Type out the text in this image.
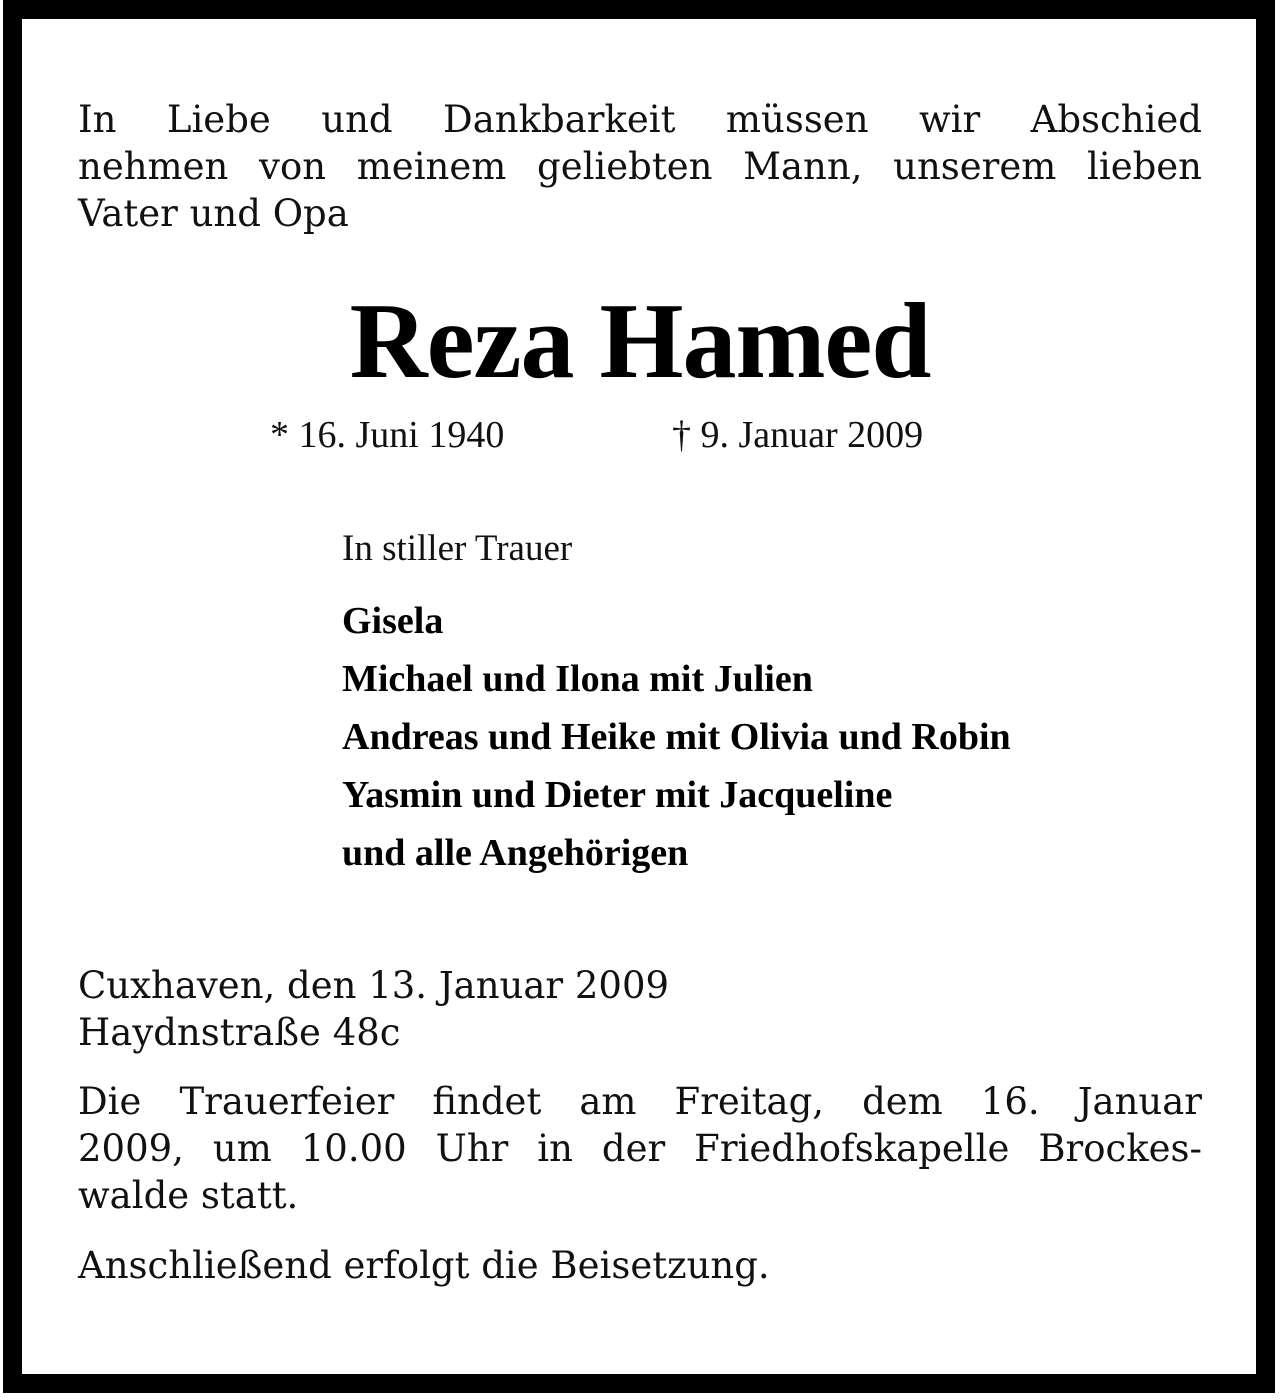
In Liebe und Dankbarkeit müssen wir Abschied
nehmen von meinem geliebten Mann, unserem lieben
Vater und Opa
Reza Hamed
* 16. Juni 1940	† 9. Januar 2009
In stiller Trauer
Gisela
Michael und Ilona mit Julien
Andreas und Heike mit Olivia und Robin
Yasmin und Dieter mit Jacqueline
und alle Angehörigen
Cuxhaven, den 13. Januar 2009
Haydnstraße 48c
Die Trauerfeier findet am Freitag, dem 16. Januar
2009, um 10.00 Uhr in der Friedhofskapelle Brockes-
walde statt.
Anschließend erfolgt die Beisetzung.
